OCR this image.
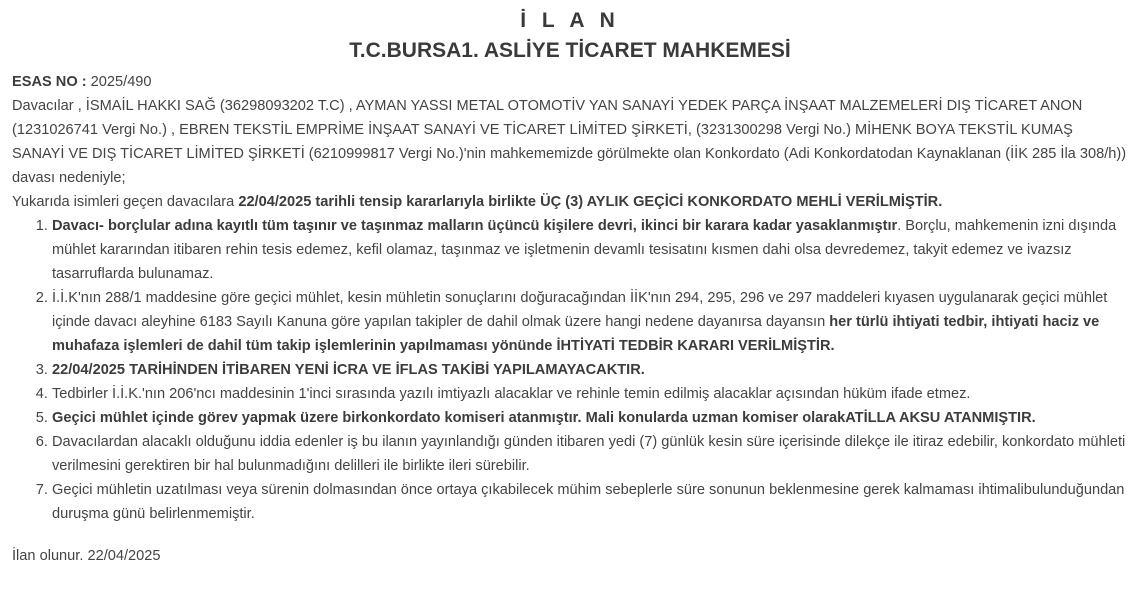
İ L A N
T.C.BURSA1. ASLİYE TİCARET MAHKEMESİ

ESAS NO : 2025/490

Davacılar , İSMAİL HAKKI SAĞ (36298093202 T.C) , AYMAN YASSI METAL OTOMOTİV YAN SANAYİ YEDEK PARÇA İNŞAAT MALZEMELERİ DIŞ TİCARET ANON (1231026741 Vergi No.) , EBREN TEKSTİL EMPRİME İNŞAAT SANAYİ VE TİCARET LİMİTED ŞİRKETİ, (3231300298 Vergi No.) MİHENK BOYA TEKSTİL KUMAŞ SANAYİ VE DIŞ TİCARET LİMİTED ŞİRKETİ (6210999817 Vergi No.)'nin mahkememizde görülmekte olan Konkordato (Adi Konkordatodan Kaynaklanan (İİK 285 İla 308/h)) davası nedeniyle;

Yukarıda isimleri geçen davacılara 22/04/2025 tarihli tensip kararlarıyla birlikte ÜÇ (3) AYLIK GEÇİCİ KONKORDATO MEHLİ VERİLMİŞTİR.

1. Davacı- borçlular adına kayıtlı tüm taşınır ve taşınmaz malların üçüncü kişilere devri, ikinci bir karara kadar yasaklanmıştır. Borçlu, mahkemenin izni dışında mühlet kararından itibaren rehin tesis edemez, kefil olamaz, taşınmaz ve işletmenin devamlı tesisatını kısmen dahi olsa devredemez, takyit edemez ve ivazsız tasarruflarda bulunamaz.
2. İ.İ.K'nın 288/1 maddesine göre geçici mühlet, kesin mühletin sonuçlarını doğuracağından İİK'nın 294, 295, 296 ve 297 maddeleri kıyasen uygulanarak geçici mühlet içinde davacı aleyhine 6183 Sayılı Kanuna göre yapılan takipler de dahil olmak üzere hangi nedene dayanırsa dayansın her türlü ihtiyati tedbir, ihtiyati haciz ve muhafaza işlemleri de dahil tüm takip işlemlerinin yapılmaması yönünde İHTİYATİ TEDBİR KARARI VERİLMİŞTİR.
3. 22/04/2025 TARİHİNDEN İTİBAREN YENİ İCRA VE İFLAS TAKİBİ YAPILAMAYACAKTIR.
4. Tedbirler İ.İ.K.'nın 206'ncı maddesinin 1'inci sırasında yazılı imtiyazlı alacaklar ve rehinle temin edilmiş alacaklar açısından hüküm ifade etmez.
5. Geçici mühlet içinde görev yapmak üzere birkonkordato komiseri atanmıştır. Mali konularda uzman komiser olarakATİLLA AKSU ATANMIŞTIR.
6. Davacılardan alacaklı olduğunu iddia edenler iş bu ilanın yayınlandığı günden itibaren yedi (7) günlük kesin süre içerisinde dilekçe ile itiraz edebilir, konkordato mühleti verilmesini gerektiren bir hal bulunmadığını delilleri ile birlikte ileri sürebilir.
7. Geçici mühletin uzatılması veya sürenin dolmasından önce ortaya çıkabilecek mühim sebeplerle süre sonunun beklenmesine gerek kalmaması ihtimalibulunduğundan duruşma günü belirlenmemiştir.

İlan olunur. 22/04/2025
